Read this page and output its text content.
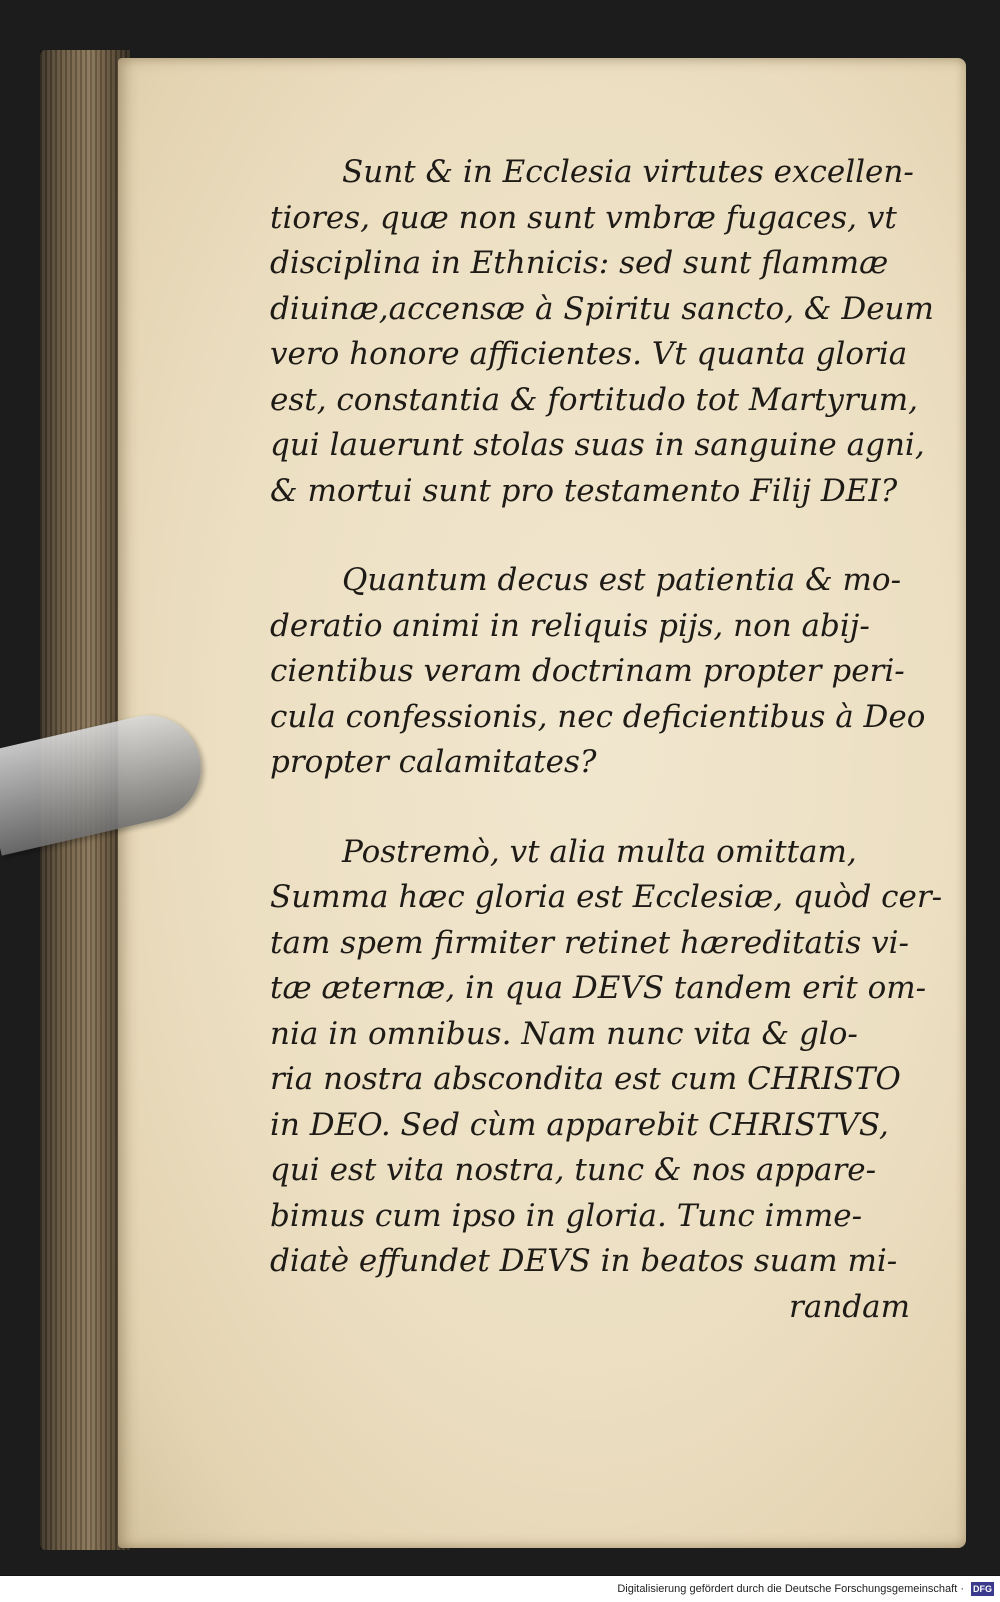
Sunt & in Ecclesia virtutes excellen-
tiores, quæ non sunt vmbræ fugaces, vt
disciplina in Ethnicis: sed sunt flammæ
diuinæ,accensæ à Spiritu sancto, & Deum
vero honore afficientes. Vt quanta gloria
est, constantia & fortitudo tot Martyrum,
qui lauerunt stolas suas in sanguine agni,
& mortui sunt pro testamento Filij DEI?

Quantum decus est patientia & mo-
deratio animi in reliquis pijs, non abij-
cientibus veram doctrinam propter peri-
cula confessionis, nec deficientibus à Deo
propter calamitates?

Postremò, vt alia multa omittam,
Summa hæc gloria est Ecclesiæ, quòd cer-
tam spem firmiter retinet hæreditatis vi-
tæ æternæ, in qua DEVS tandem erit om-
nia in omnibus. Nam nunc vita & glo-
ria nostra abscondita est cum CHRISTO
in DEO. Sed cùm apparebit CHRISTVS,
qui est vita nostra, tunc & nos appare-
bimus cum ipso in gloria. Tunc imme-
diatè effundet DEVS in beatos suam mi-
randam

Digitalisierung gefördert durch die Deutsche Forschungsgemeinschaft · DFG
